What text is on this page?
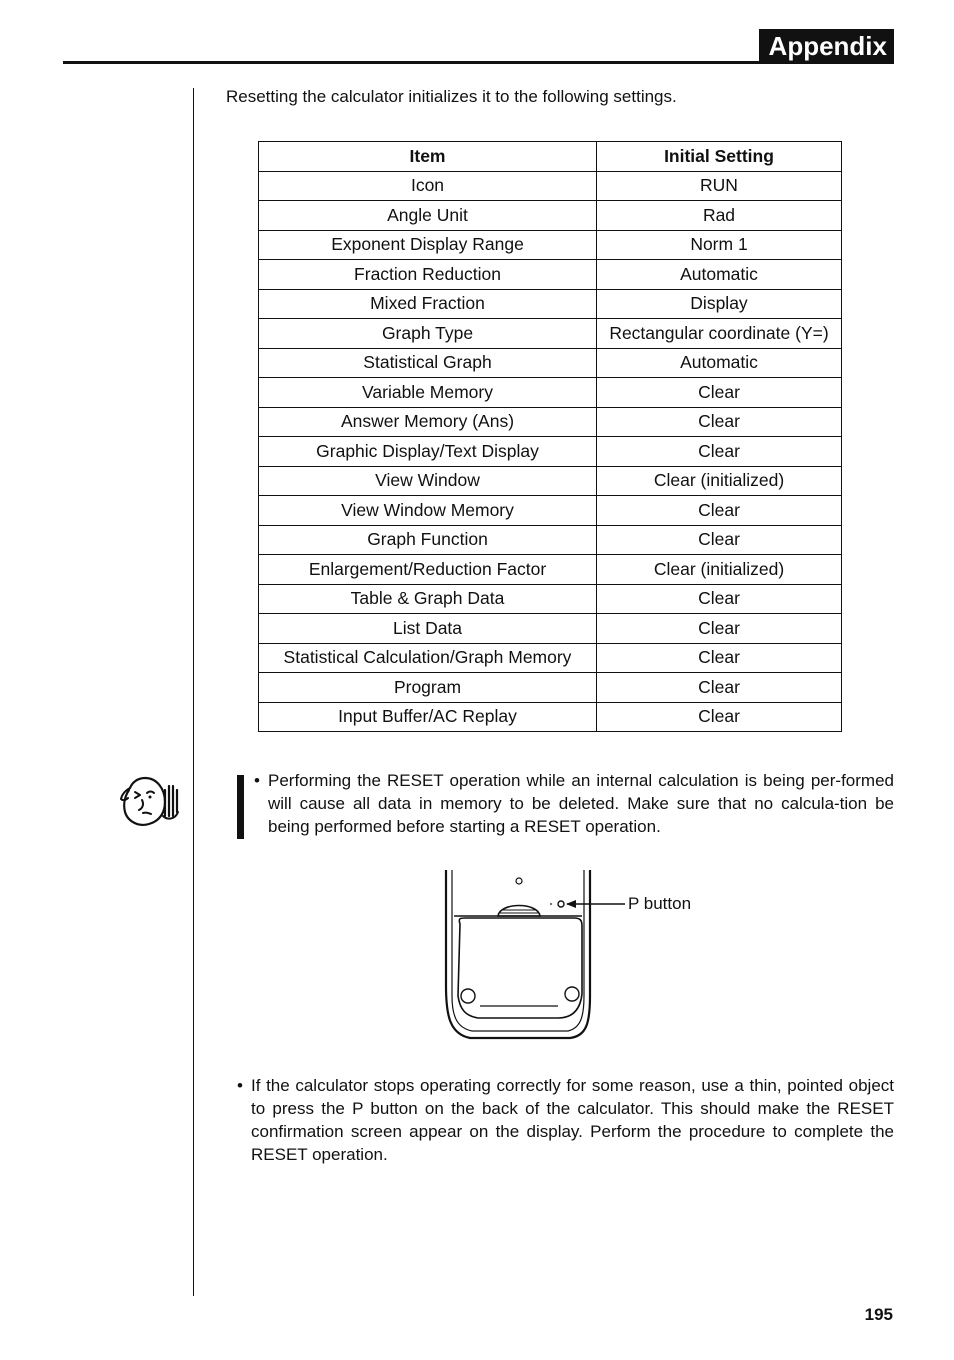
Appendix
Resetting the calculator initializes it to the following settings.
Item	Initial Setting
Icon	RUN
Angle Unit	Rad
Exponent Display Range	Norm 1
Fraction Reduction	Automatic
Mixed Fraction	Display
Graph Type	Rectangular coordinate (Y=)
Statistical Graph	Automatic
Variable Memory	Clear
Answer Memory (Ans)	Clear
Graphic Display/Text Display	Clear
View Window	Clear (initialized)
View Window Memory	Clear
Graph Function	Clear
Enlargement/Reduction Factor	Clear (initialized)
Table & Graph Data	Clear
List Data	Clear
Statistical Calculation/Graph Memory	Clear
Program	Clear
Input Buffer/AC Replay	Clear
• Performing the RESET operation while an internal calculation is being per-formed will cause all data in memory to be deleted. Make sure that no calcula-tion be being performed before starting a RESET operation.
P button
• If the calculator stops operating correctly for some reason, use a thin, pointed object to press the P button on the back of the calculator. This should make the RESET confirmation screen appear on the display. Perform the procedure to complete the RESET operation.
195
